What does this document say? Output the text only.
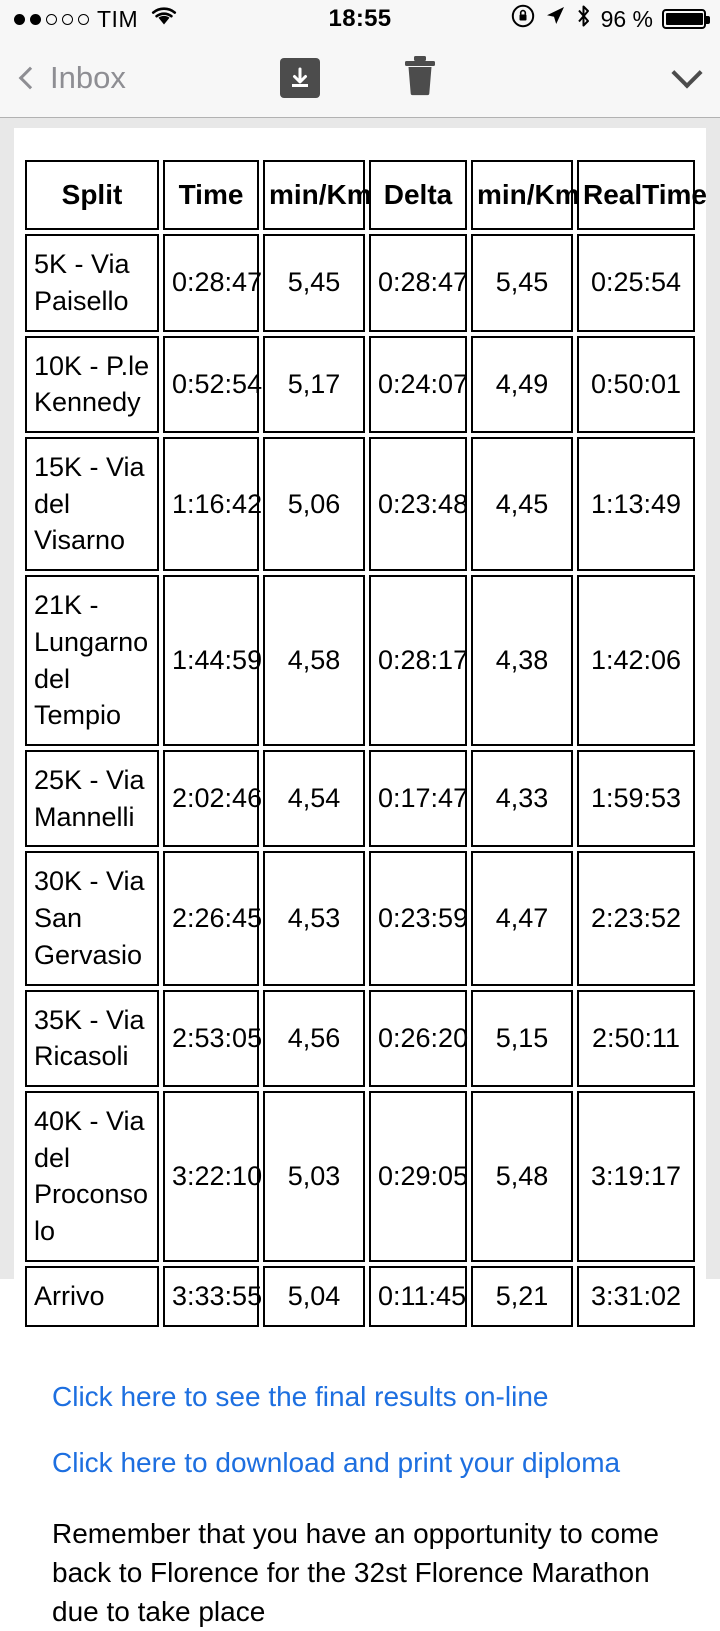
TIM	18:55	96 %
Inbox
Split	Time	min/Km	Delta	min/Km	RealTime
5K - Via Paisello	0:28:47	5,45	0:28:47	5,45	0:25:54
10K - P.le Kennedy	0:52:54	5,17	0:24:07	4,49	0:50:01
15K - Via del Visarno	1:16:42	5,06	0:23:48	4,45	1:13:49
21K - Lungarno del Tempio	1:44:59	4,58	0:28:17	4,38	1:42:06
25K - Via Mannelli	2:02:46	4,54	0:17:47	4,33	1:59:53
30K - Via San Gervasio	2:26:45	4,53	0:23:59	4,47	2:23:52
35K - Via Ricasoli	2:53:05	4,56	0:26:20	5,15	2:50:11
40K - Via del Proconsolo	3:22:10	5,03	0:29:05	5,48	3:19:17
Arrivo	3:33:55	5,04	0:11:45	5,21	3:31:02
Click here to see the final results on-line
Click here to download and print your diploma
Remember that you have an opportunity to come back to Florence for the 32st Florence Marathon due to take place
